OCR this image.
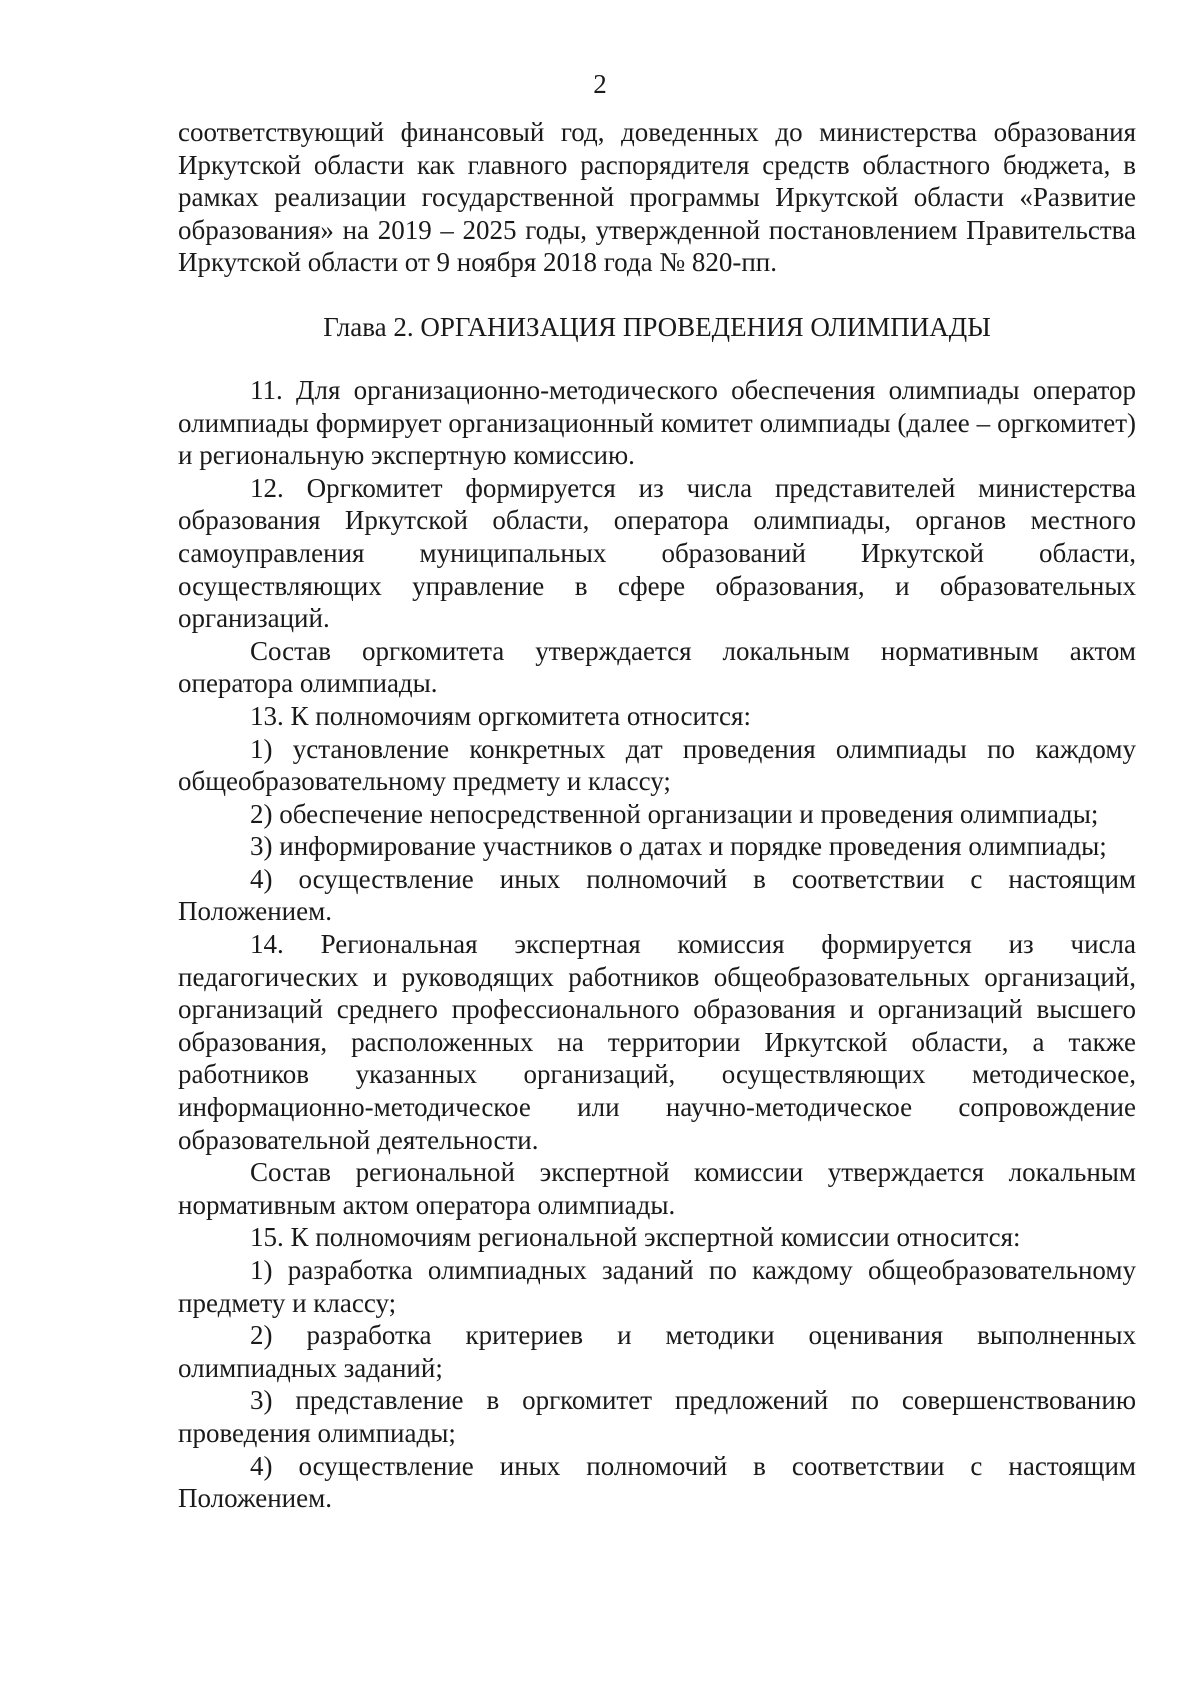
2

соответствующий финансовый год, доведенных до министерства образования Иркутской области как главного распорядителя средств областного бюджета, в рамках реализации государственной программы Иркутской области «Развитие образования» на 2019 – 2025 годы, утвержденной постановлением Правительства Иркутской области от 9 ноября 2018 года № 820-пп.

Глава 2. ОРГАНИЗАЦИЯ ПРОВЕДЕНИЯ ОЛИМПИАДЫ

11. Для организационно-методического обеспечения олимпиады оператор олимпиады формирует организационный комитет олимпиады (далее – оргкомитет) и региональную экспертную комиссию.

12. Оргкомитет формируется из числа представителей министерства образования Иркутской области, оператора олимпиады, органов местного самоуправления муниципальных образований Иркутской области, осуществляющих управление в сфере образования, и образовательных организаций.

Состав оргкомитета утверждается локальным нормативным актом оператора олимпиады.

13. К полномочиям оргкомитета относится:

1) установление конкретных дат проведения олимпиады по каждому общеобразовательному предмету и классу;

2) обеспечение непосредственной организации и проведения олимпиады;

3) информирование участников о датах и порядке проведения олимпиады;

4) осуществление иных полномочий в соответствии с настоящим Положением.

14. Региональная экспертная комиссия формируется из числа педагогических и руководящих работников общеобразовательных организаций, организаций среднего профессионального образования и организаций высшего образования, расположенных на территории Иркутской области, а также работников указанных организаций, осуществляющих методическое, информационно-методическое или научно-методическое сопровождение образовательной деятельности.

Состав региональной экспертной комиссии утверждается локальным нормативным актом оператора олимпиады.

15. К полномочиям региональной экспертной комиссии относится:

1) разработка олимпиадных заданий по каждому общеобразовательному предмету и классу;

2) разработка критериев и методики оценивания выполненных олимпиадных заданий;

3) представление в оргкомитет предложений по совершенствованию проведения олимпиады;

4) осуществление иных полномочий в соответствии с настоящим Положением.
